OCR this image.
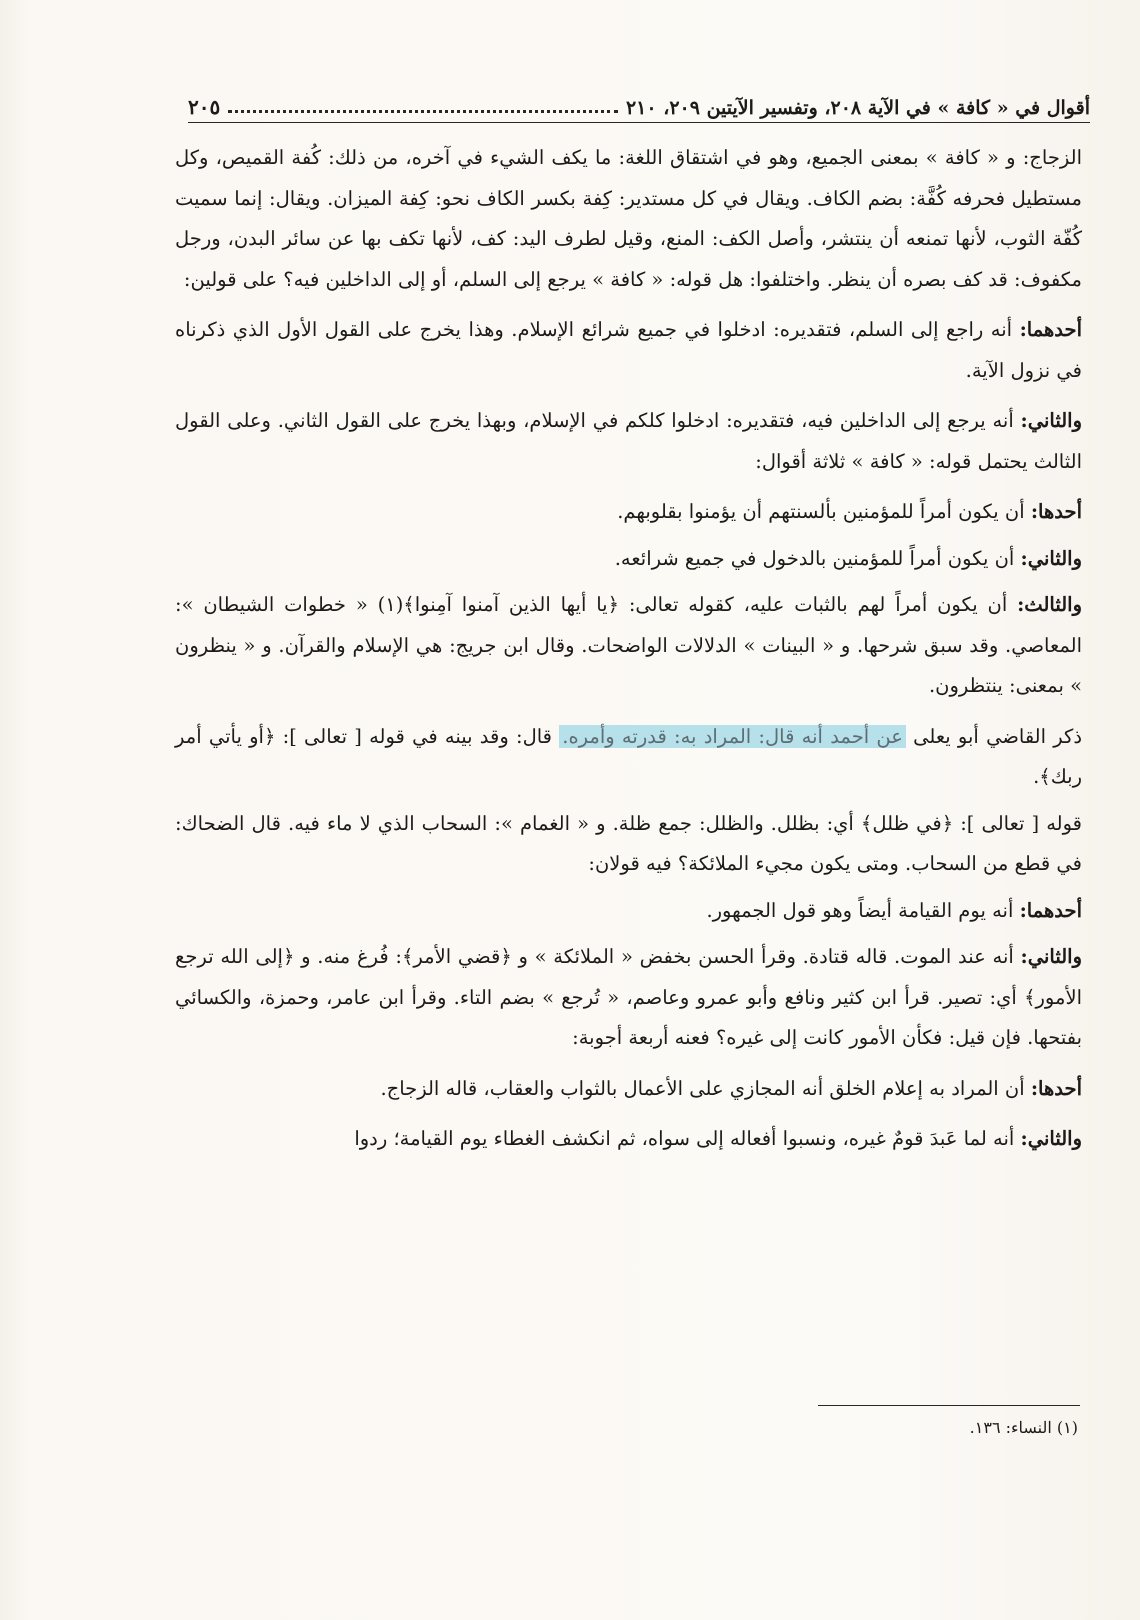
أقوال في « كافة » في الآية ٢٠٨، وتفسير الآيتين ٢٠٩، ٢١٠
٢٠٥

الزجاج: و « كافة » بمعنى الجميع، وهو في اشتقاق اللغة: ما يكف الشيء في آخره، من ذلك: كُفة القميص، وكل مستطيل فحرفه كُفَّة: بضم الكاف. ويقال في كل مستدير: كِفة بكسر الكاف نحو: كِفة الميزان. ويقال: إنما سميت كُفّة الثوب، لأنها تمنعه أن ينتشر، وأصل الكف: المنع، وقيل لطرف اليد: كف، لأنها تكف بها عن سائر البدن، ورجل مكفوف: قد كف بصره أن ينظر. واختلفوا: هل قوله: « كافة » يرجع إلى السلم، أو إلى الداخلين فيه؟ على قولين:

أحدهما: أنه راجع إلى السلم، فتقديره: ادخلوا في جميع شرائع الإسلام. وهذا يخرج على القول الأول الذي ذكرناه في نزول الآية.

والثاني: أنه يرجع إلى الداخلين فيه، فتقديره: ادخلوا كلكم في الإسلام، وبهذا يخرج على القول الثاني. وعلى القول الثالث يحتمل قوله: « كافة » ثلاثة أقوال:

أحدها: أن يكون أمراً للمؤمنين بألسنتهم أن يؤمنوا بقلوبهم.

والثاني: أن يكون أمراً للمؤمنين بالدخول في جميع شرائعه.

والثالث: أن يكون أمراً لهم بالثبات عليه، كقوله تعالى: ﴿يا أيها الذين آمنوا آمِنوا﴾(١) « خطوات الشيطان »: المعاصي. وقد سبق شرحها. و « البينات » الدلالات الواضحات. وقال ابن جريج: هي الإسلام والقرآن. و « ينظرون » بمعنى: ينتظرون.

ذكر القاضي أبو يعلى عن أحمد أنه قال: المراد به: قدرته وأمره. قال: وقد بينه في قوله [ تعالى ]: ﴿أو يأتي أمر ربك﴾.

قوله [ تعالى ]: ﴿في ظلل﴾ أي: بظلل. والظلل: جمع ظلة. و « الغمام »: السحاب الذي لا ماء فيه. قال الضحاك: في قطع من السحاب. ومتى يكون مجيء الملائكة؟ فيه قولان:

أحدهما: أنه يوم القيامة أيضاً وهو قول الجمهور.

والثاني: أنه عند الموت. قاله قتادة. وقرأ الحسن بخفض « الملائكة » و ﴿قضي الأمر﴾: فُرغ منه. و ﴿إلى الله ترجع الأمور﴾ أي: تصير. قرأ ابن كثير ونافع وأبو عمرو وعاصم، « تُرجع » بضم التاء. وقرأ ابن عامر، وحمزة، والكسائي بفتحها. فإن قيل: فكأن الأمور كانت إلى غيره؟ فعنه أربعة أجوبة:

أحدها: أن المراد به إعلام الخلق أنه المجازي على الأعمال بالثواب والعقاب، قاله الزجاج.

والثاني: أنه لما عَبدَ قومٌ غيره، ونسبوا أفعاله إلى سواه، ثم انكشف الغطاء يوم القيامة؛ ردوا

(١) النساء: ١٣٦.
